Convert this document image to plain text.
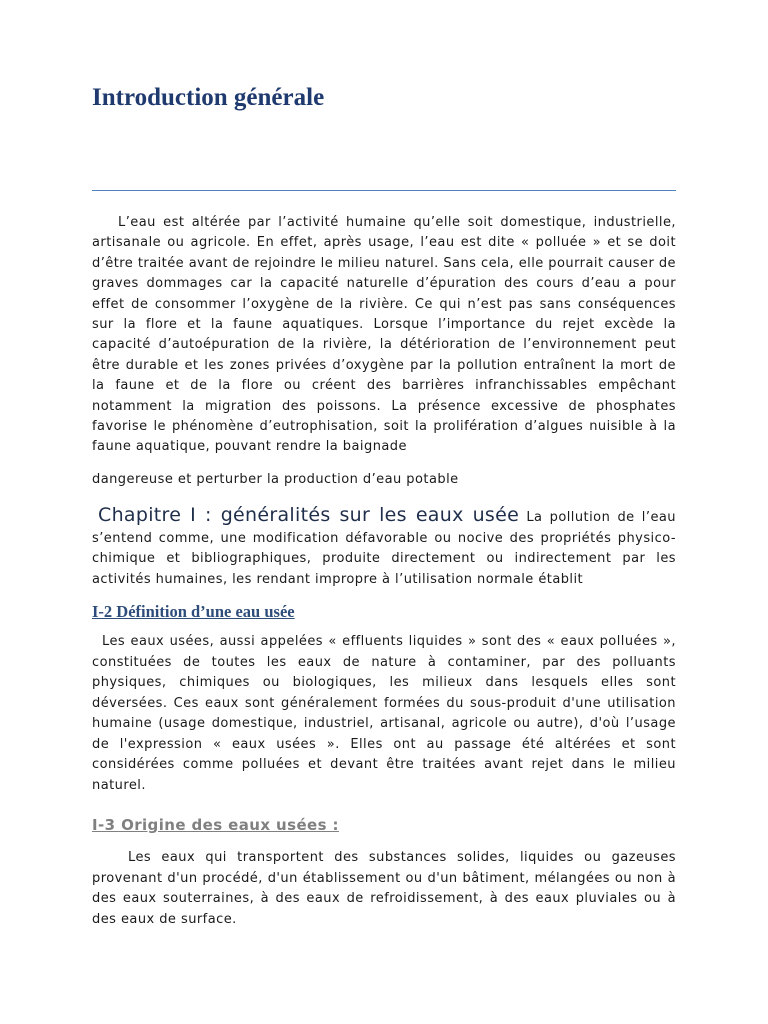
Introduction générale

L’eau est altérée par l’activité humaine qu’elle soit domestique, industrielle, artisanale ou agricole. En effet, après usage, l’eau est dite « polluée » et se doit d’être traitée avant de rejoindre le milieu naturel. Sans cela, elle pourrait causer de graves dommages car la capacité naturelle d’épuration des cours d’eau a pour effet de consommer l’oxygène de la rivière. Ce qui n’est pas sans conséquences sur la flore et la faune aquatiques. Lorsque l’importance du rejet excède la capacité d’autoépuration de la rivière, la détérioration de l’environnement peut être durable et les zones privées d’oxygène par la pollution entraînent la mort de la faune et de la flore ou créent des barrières infranchissables empêchant notamment la migration des poissons. La présence excessive de phosphates favorise le phénomène d’eutrophisation, soit la prolifération d’algues nuisible à la faune aquatique, pouvant rendre la baignade

dangereuse et perturber la production d’eau potable

Chapitre I : généralités sur les eaux usée La pollution de l’eau s’entend comme, une modification défavorable ou nocive des propriétés physico-chimique et bibliographiques, produite directement ou indirectement par les activités humaines, les rendant impropre à l’utilisation normale établit

I-2 Définition d’une eau usée

Les eaux usées, aussi appelées « effluents liquides » sont des « eaux polluées », constituées de toutes les eaux de nature à contaminer, par des polluants physiques, chimiques ou biologiques, les milieux dans lesquels elles sont déversées. Ces eaux sont généralement formées du sous-produit d'une utilisation humaine (usage domestique, industriel, artisanal, agricole ou autre), d'où l’usage de l'expression « eaux usées ». Elles ont au passage été altérées et sont considérées comme polluées et devant être traitées avant rejet dans le milieu naturel.

I-3 Origine des eaux usées :

Les eaux qui transportent des substances solides, liquides ou gazeuses provenant d'un procédé, d'un établissement ou d'un bâtiment, mélangées ou non à des eaux souterraines, à des eaux de refroidissement, à des eaux pluviales ou à des eaux de surface.
